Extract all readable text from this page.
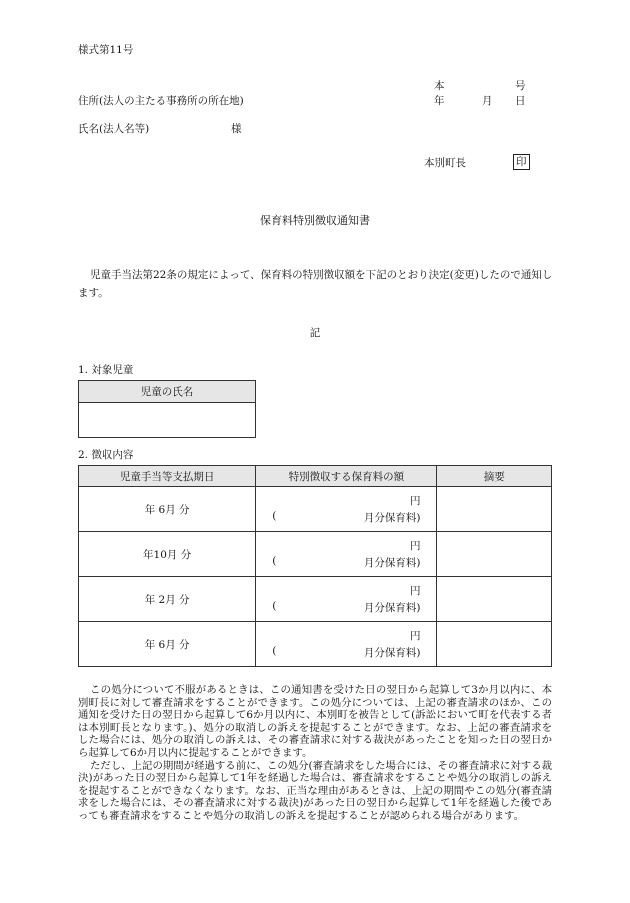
様式第11号
本	号
年	月 日
住所(法人の主たる事務所の所在地)
氏名(法人名等)	様
本別町長	印
保育料特別徴収通知書
児童手当法第22条の規定によって、保育料の特別徴収額を下記のとおり決定(変更)したので通知します。
記
1. 対象児童
児童の氏名

2. 徴収内容
児童手当等支払期日	特別徴収する保育料の額	摘要
年 6月 分	円
( 月分保育料)	

年10月 分	円
( 月分保育料)	

年 2月 分	円
( 月分保育料)	

年 6月 分	円
( 月分保育料)	

この処分について不服があるときは、この通知書を受けた日の翌日から起算して3か月以内に、本別町長に対して審査請求をすることができます。この処分については、上記の審査請求のほか、この通知を受けた日の翌日から起算して6か月以内に、本別町を被告として(訴訟において町を代表する者は本別町長となります。)、処分の取消しの訴えを提起することができます。なお、上記の審査請求をした場合には、処分の取消しの訴えは、その審査請求に対する裁決があったことを知った日の翌日から起算して6か月以内に提起することができます。

ただし、上記の期間が経過する前に、この処分(審査請求をした場合には、その審査請求に対する裁決)があった日の翌日から起算して1年を経過した場合は、審査請求をすることや処分の取消しの訴えを提起することができなくなります。なお、正当な理由があるときは、上記の期間やこの処分(審査請求をした場合には、その審査請求に対する裁決)があった日の翌日から起算して1年を経過した後であっても審査請求をすることや処分の取消しの訴えを提起することが認められる場合があります。
